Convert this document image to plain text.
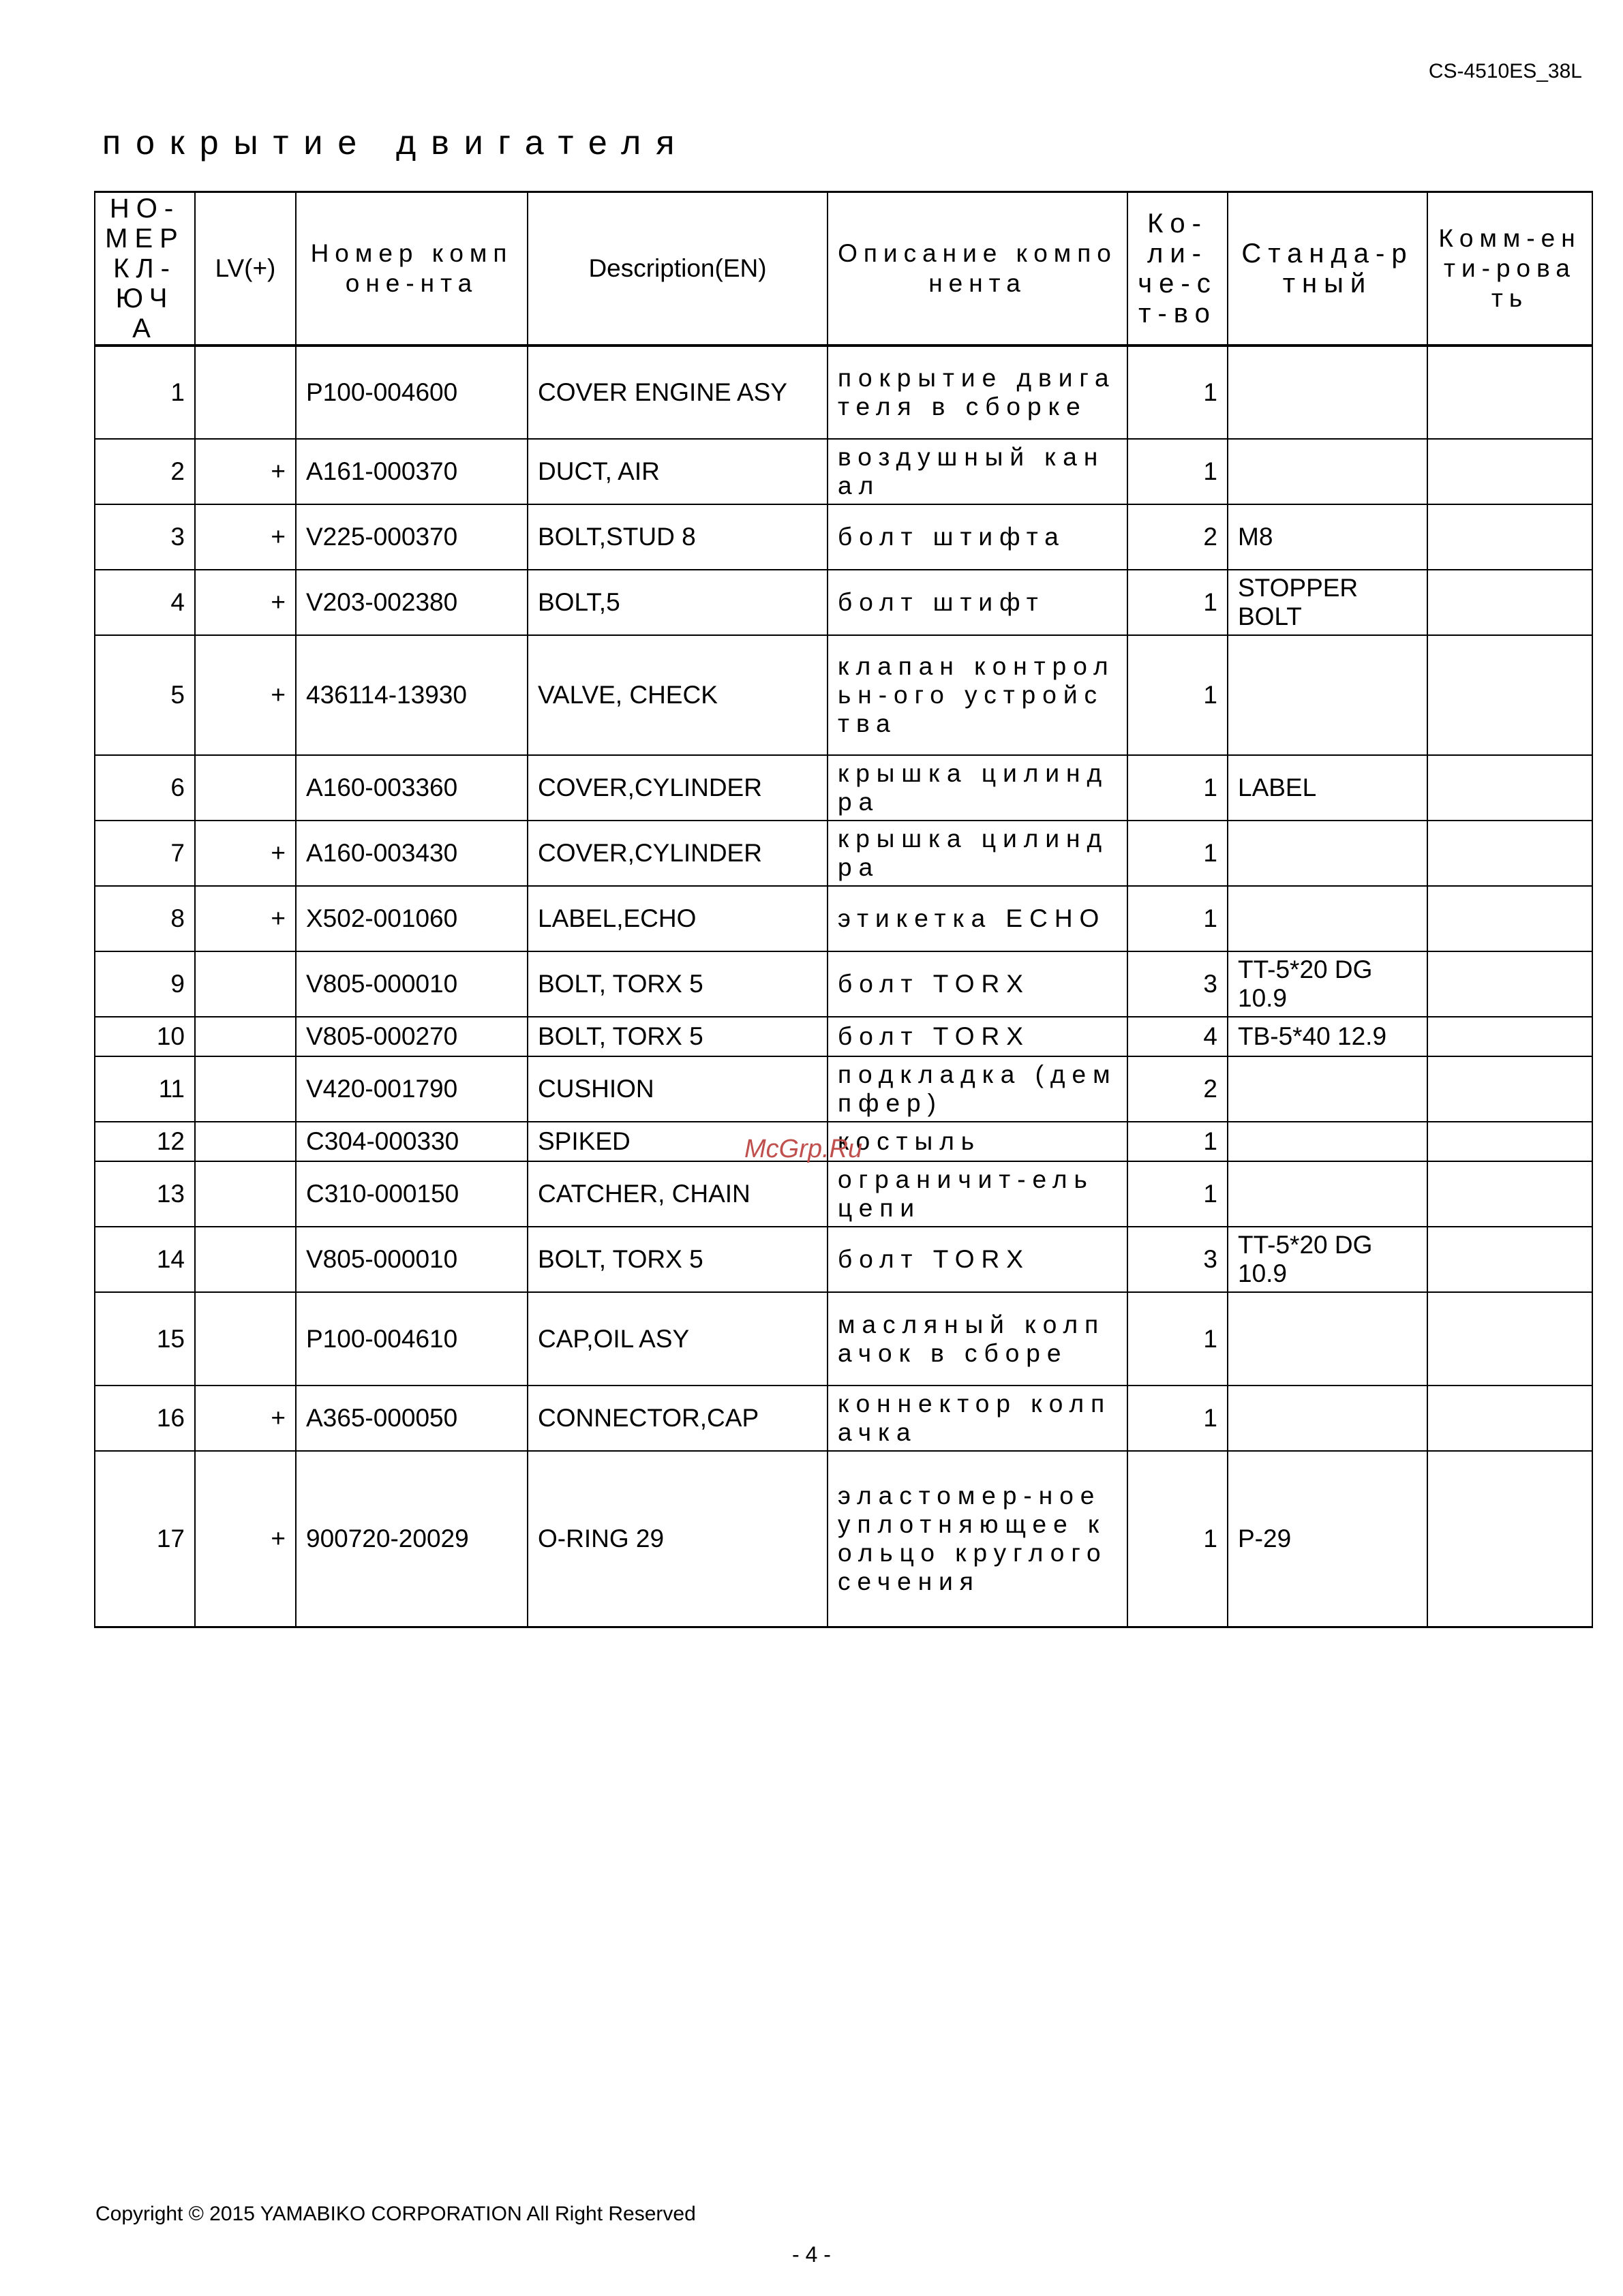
CS-4510ES_38L
покрытие двигателя
НО-МЕР КЛ-ЮЧА	LV(+)	Номер компоне-нта	Description(EN)	Описание компонента	Ко-ли-че-ст-во	Станда-ртный	Комм-енти-ровать
1		P100-004600	COVER ENGINE ASY	покрытие двигателя в сборке	1		
2	+	A161-000370	DUCT, AIR	воздушный канал	1		
3	+	V225-000370	BOLT,STUD 8	болт штифта	2	M8	
4	+	V203-002380	BOLT,5	болт штифт	1	STOPPER BOLT	
5	+	436114-13930	VALVE, CHECK	клапан контрольн-ого устройства	1		
6		A160-003360	COVER,CYLINDER	крышка цилиндра	1	LABEL	
7	+	A160-003430	COVER,CYLINDER	крышка цилиндра	1		
8	+	X502-001060	LABEL,ECHO	этикетка ECHO	1		
9		V805-000010	BOLT, TORX 5	болт TORX	3	TT-5*20 DG 10.9	
10		V805-000270	BOLT, TORX 5	болт TORX	4	TB-5*40 12.9	
11		V420-001790	CUSHION	подкладка (демпфер)	2		
12		C304-000330	SPIKED	костыль	1		
13		C310-000150	CATCHER, CHAIN	ограничит-ель цепи	1		
14		V805-000010	BOLT, TORX 5	болт TORX	3	TT-5*20 DG 10.9	
15		P100-004610	CAP,OIL ASY	масляный колпачок в сборе	1		
16	+	A365-000050	CONNECTOR,CAP	коннектор колпачка	1		
17	+	900720-20029	O-RING 29	эластомер-ное уплотняющее кольцо круглого сечения	1	P-29	
McGrp.Ru
Copyright © 2015 YAMABIKO CORPORATION All Right Reserved
- 4 -
